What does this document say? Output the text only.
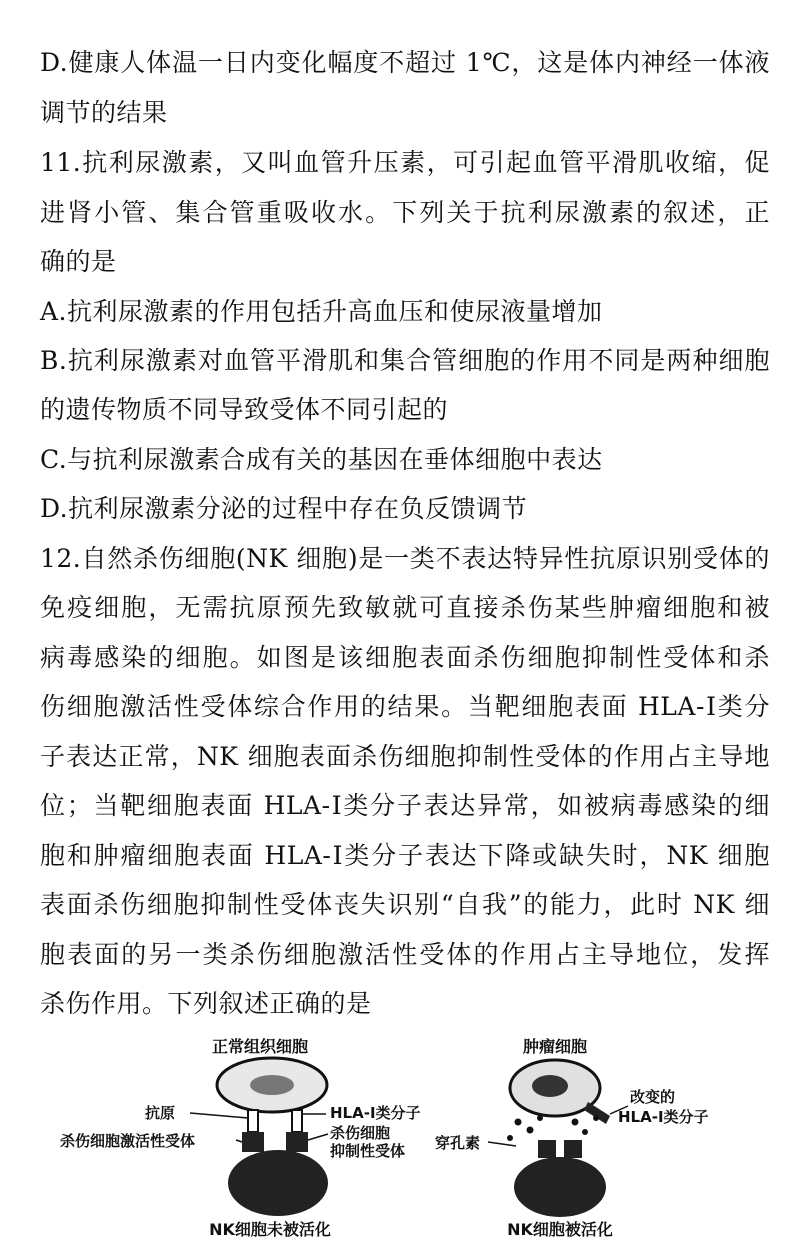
D.健康人体温一日内变化幅度不超过 1℃，这是体内神经一体液
调节的结果
11.抗利尿激素，又叫血管升压素，可引起血管平滑肌收缩，促
进肾小管、集合管重吸收水。下列关于抗利尿激素的叙述，正
确的是
A.抗利尿激素的作用包括升高血压和使尿液量增加
B.抗利尿激素对血管平滑肌和集合管细胞的作用不同是两种细胞
的遗传物质不同导致受体不同引起的
C.与抗利尿激素合成有关的基因在垂体细胞中表达
D.抗利尿激素分泌的过程中存在负反馈调节
12.自然杀伤细胞(NK 细胞)是一类不表达特异性抗原识别受体的
免疫细胞，无需抗原预先致敏就可直接杀伤某些肿瘤细胞和被
病毒感染的细胞。如图是该细胞表面杀伤细胞抑制性受体和杀
伤细胞激活性受体综合作用的结果。当靶细胞表面 HLA-Ⅰ类分
子表达正常，NK 细胞表面杀伤细胞抑制性受体的作用占主导地
位；当靶细胞表面 HLA-Ⅰ类分子表达异常，如被病毒感染的细
胞和肿瘤细胞表面 HLA-Ⅰ类分子表达下降或缺失时，NK 细胞
表面杀伤细胞抑制性受体丧失识别“自我”的能力，此时 NK 细
胞表面的另一类杀伤细胞激活性受体的作用占主导地位，发挥
杀伤作用。下列叙述正确的是
正常组织细胞
抗原
杀伤细胞激活性受体
HLA-Ⅰ类分子
杀伤细胞
抑制性受体
NK细胞未被活化
肿瘤细胞
改变的
HLA-Ⅰ类分子
穿孔素
NK细胞被活化
